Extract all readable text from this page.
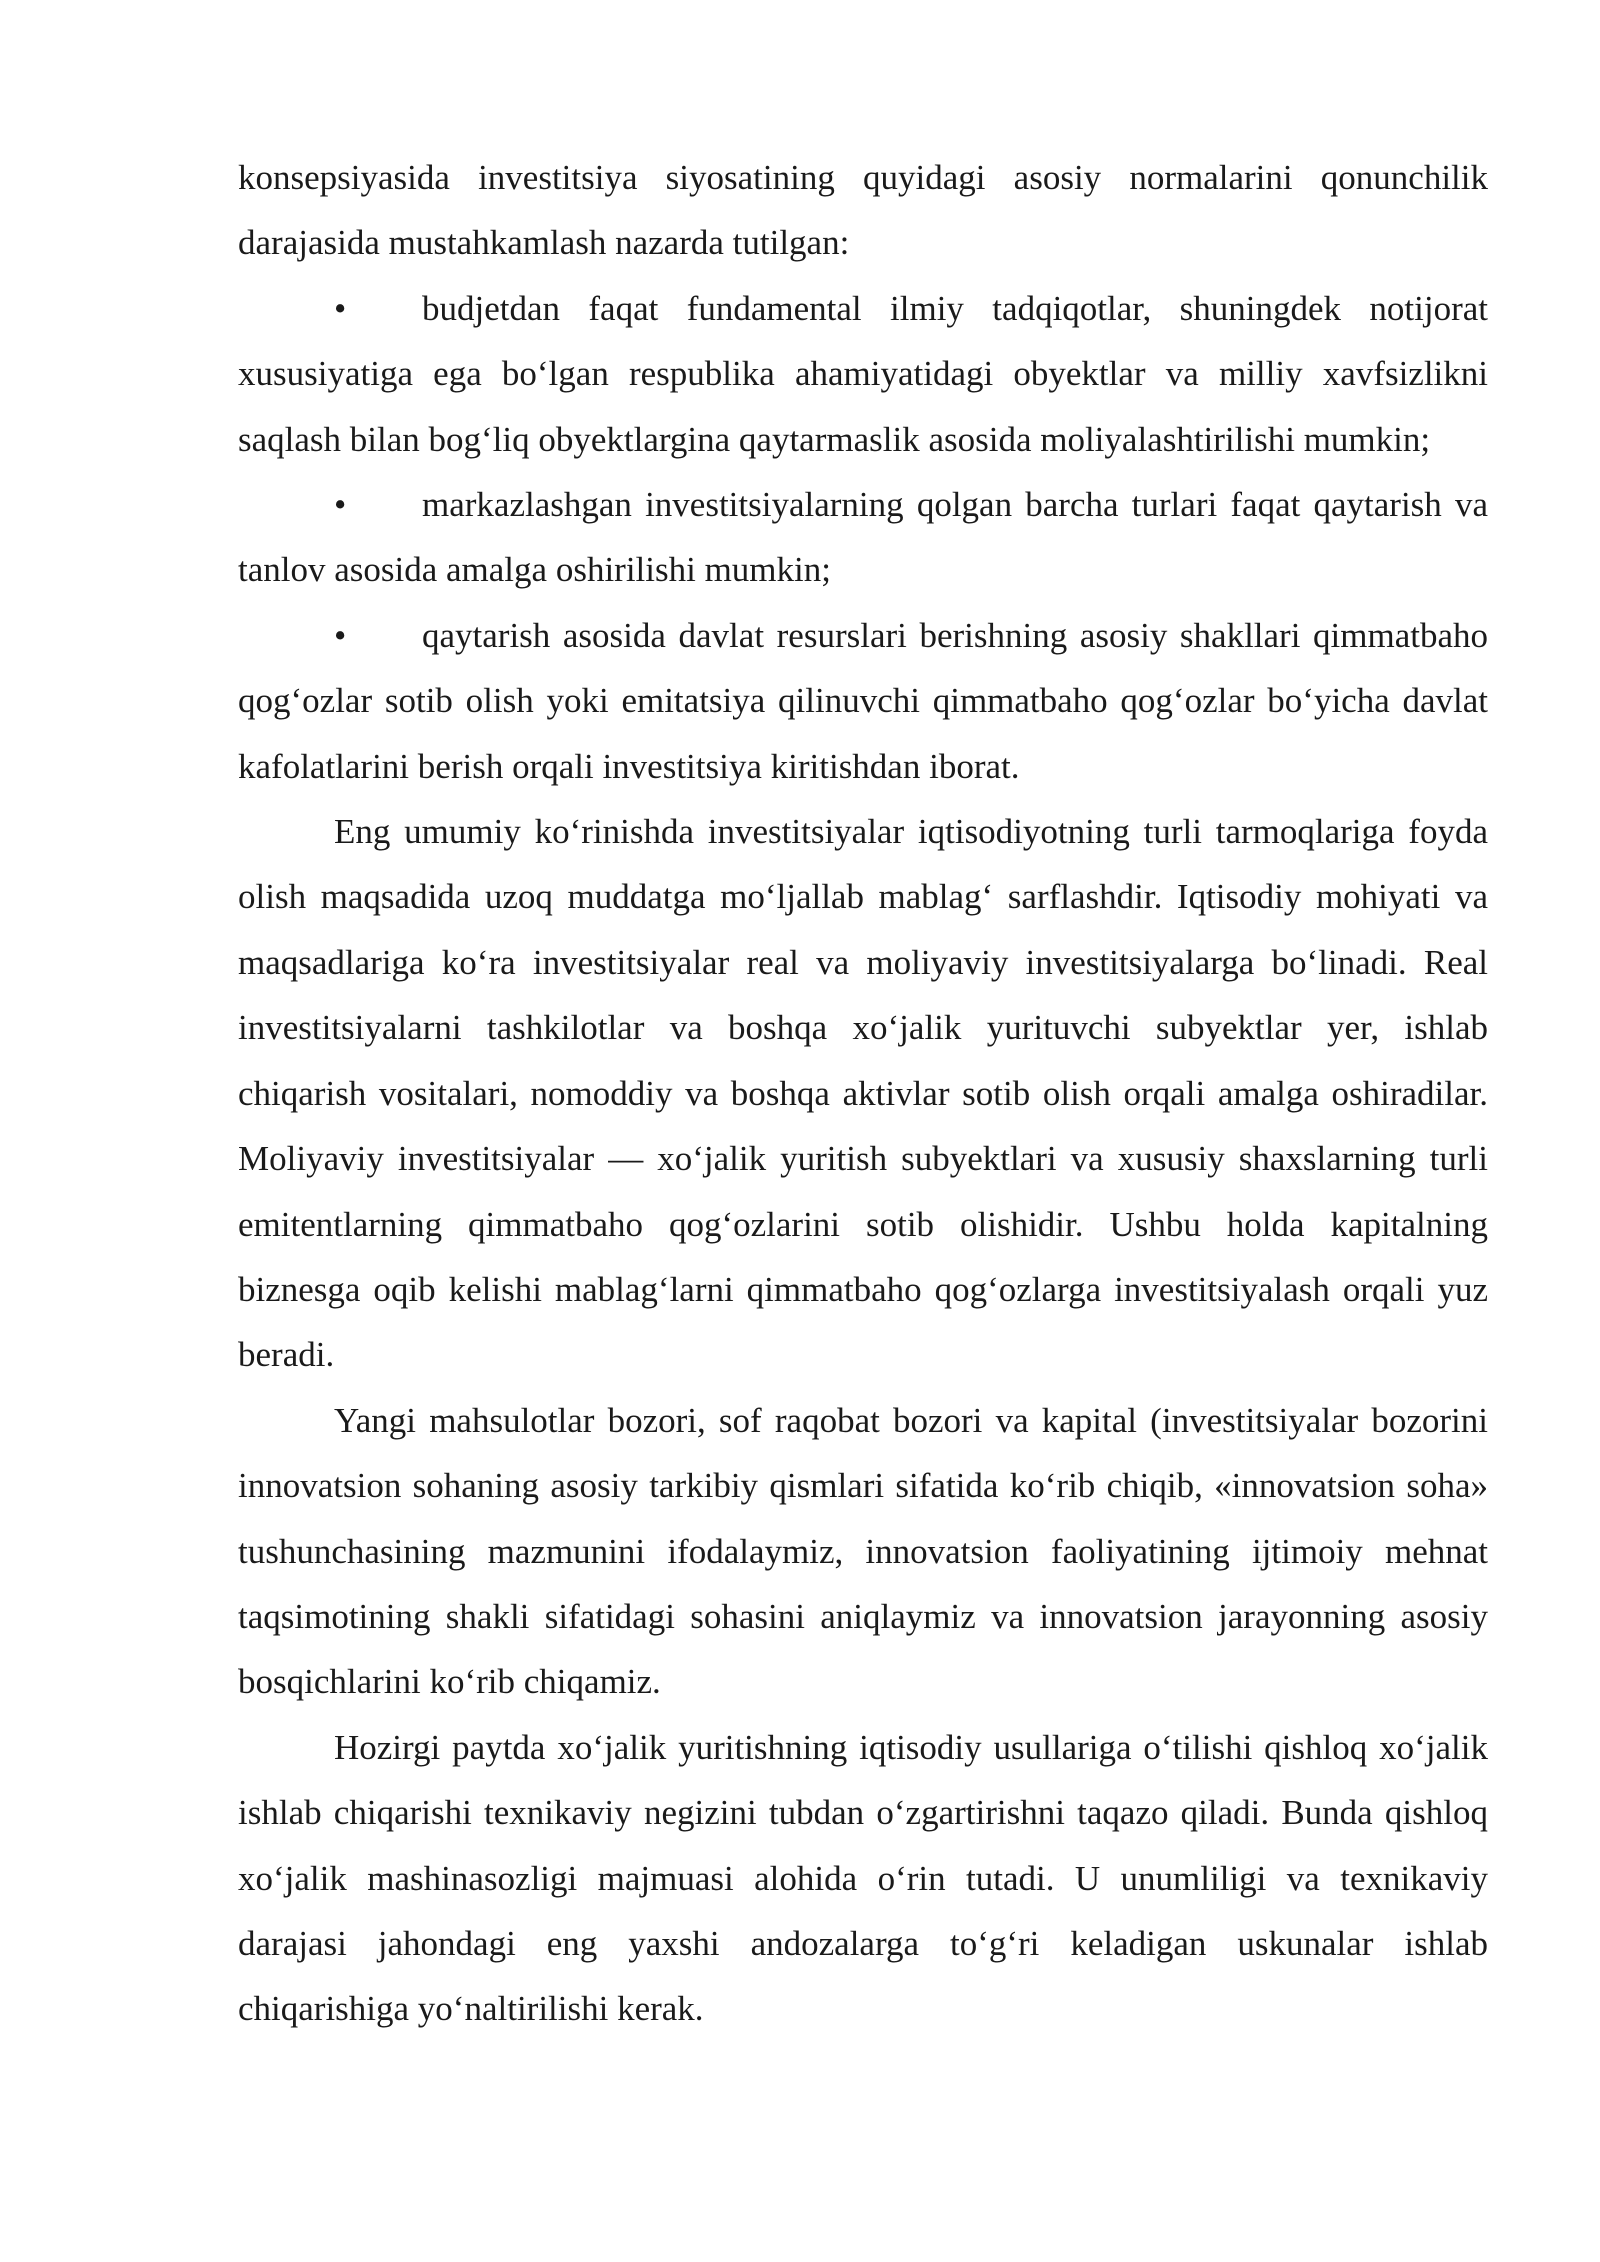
konsepsiyasida investitsiya siyosatining quyidagi asosiy normalarini qonunchilik darajasida mustahkamlash nazarda tutilgan:

• budjetdan faqat fundamental ilmiy tadqiqotlar, shuningdek notijorat xususiyatiga ega bo‘lgan respublika ahamiyatidagi obyektlar va milliy xavfsizlikni saqlash bilan bog‘liq obyektlargina qaytarmaslik asosida moliyalashtirilishi mumkin;

• markazlashgan investitsiyalarning qolgan barcha turlari faqat qaytarish va tanlov asosida amalga oshirilishi mumkin;

• qaytarish asosida davlat resurslari berishning asosiy shakllari qimmatbaho qog‘ozlar sotib olish yoki emitatsiya qilinuvchi qimmatbaho qog‘ozlar bo‘yicha davlat kafolatlarini berish orqali investitsiya kiritishdan iborat.

Eng umumiy ko‘rinishda investitsiyalar iqtisodiyotning turli tarmoqlariga foyda olish maqsadida uzoq muddatga mo‘ljallab mablag‘ sarflashdir. Iqtisodiy mohiyati va maqsadlariga ko‘ra investitsiyalar real va moliyaviy investitsiyalarga bo‘linadi. Real investitsiyalarni tashkilotlar va boshqa xo‘jalik yurituvchi subyektlar yer, ishlab chiqarish vositalari, nomoddiy va boshqa aktivlar sotib olish orqali amalga oshiradilar. Moliyaviy investitsiyalar — xo‘jalik yuritish subyektlari va xususiy shaxslarning turli emitentlarning qimmatbaho qog‘ozlarini sotib olishidir. Ushbu holda kapitalning biznesga oqib kelishi mablag‘larni qimmatbaho qog‘ozlarga investitsiyalash orqali yuz beradi.

Yangi mahsulotlar bozori, sof raqobat bozori va kapital (investitsiyalar bozorini innovatsion sohaning asosiy tarkibiy qismlari sifatida ko‘rib chiqib, «innovatsion soha» tushunchasining mazmunini ifodalaymiz, innovatsion faoliyatining ijtimoiy mehnat taqsimotining shakli sifatidagi sohasini aniqlaymiz va innovatsion jarayonning asosiy bosqichlarini ko‘rib chiqamiz.

Hozirgi paytda xo‘jalik yuritishning iqtisodiy usullariga o‘tilishi qishloq xo‘jalik ishlab chiqarishi texnikaviy negizini tubdan o‘zgartirishni taqazo qiladi. Bunda qishloq xo‘jalik mashinasozligi majmuasi alohida o‘rin tutadi. U unumliligi va texnikaviy darajasi jahondagi eng yaxshi andozalarga to‘g‘ri keladigan uskunalar ishlab chiqarishiga yo‘naltirilishi kerak.
